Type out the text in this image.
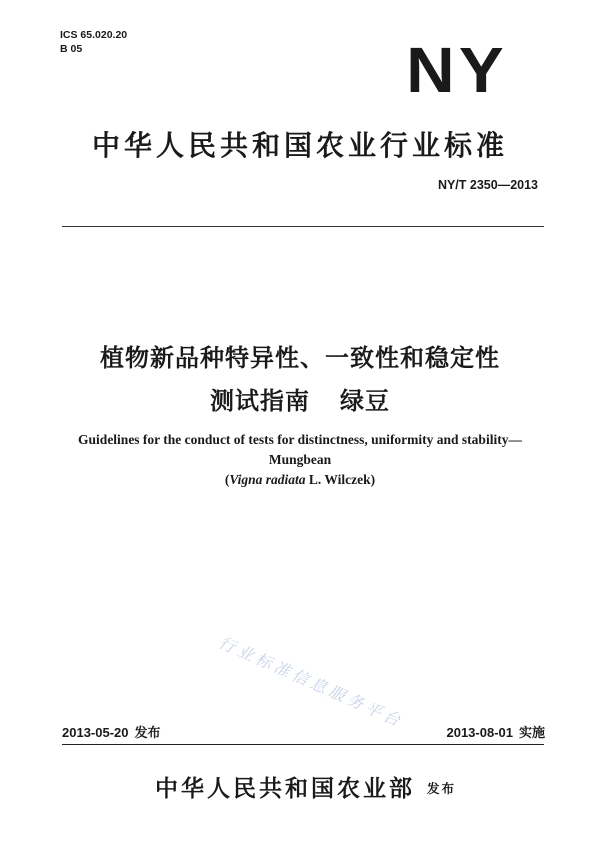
ICS 65.020.20
B 05	NY
中华人民共和国农业行业标准
NY/T 2350—2013
植物新品种特异性、一致性和稳定性
测试指南 绿豆
Guidelines for the conduct of tests for distinctness, uniformity and stability—
Mungbean
(Vigna radiata L. Wilczek)
行业标准信息服务平台
2013-05-20 发布	2013-08-01 实施
中华人民共和国农业部 发布
